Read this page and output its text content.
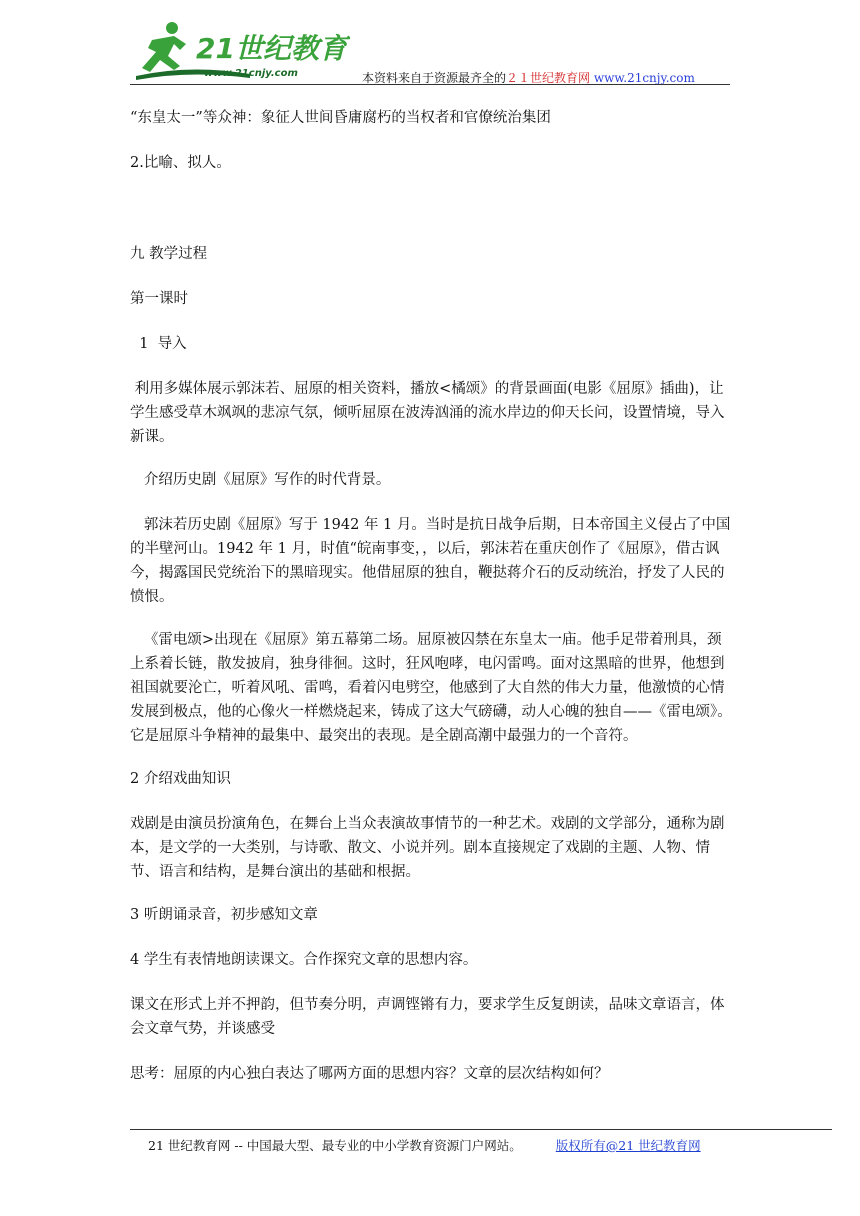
21世纪教育
www.21cnjy.com	本资料来自于资源最齐全的２１世纪教育网 www.21cnjy.com

“东皇太一”等众神：象征人世间昏庸腐朽的当权者和官僚统治集团

2.比喻、拟人。

九 教学过程

第一课时

1  导入

利用多媒体展示郭沫若、屈原的相关资料，播放<橘颂》的背景画面(电影《屈原》插曲)，让学生感受草木飒飒的悲凉气氛，倾听屈原在波涛汹涌的流水岸边的仰天长问，设置情境，导入新课。

介绍历史剧《屈原》写作的时代背景。

郭沫若历史剧《屈原》写于 1942 年 1 月。当时是抗日战争后期，日本帝国主义侵占了中国的半壁河山。1942 年 1 月，时值“皖南事变，，以后，郭沫若在重庆创作了《屈原》，借古讽今，揭露国民党统治下的黑暗现实。他借屈原的独自，鞭挞蒋介石的反动统治，抒发了人民的愤恨。

《雷电颂>出现在《屈原》第五幕第二场。屈原被囚禁在东皇太一庙。他手足带着刑具，颈上系着长链，散发披肩，独身徘徊。这时，狂风咆哮，电闪雷鸣。面对这黑暗的世界，他想到祖国就要沦亡，听着风吼、雷鸣，看着闪电劈空，他感到了大自然的伟大力量，他激愤的心情发展到极点，他的心像火一样燃烧起来，铸成了这大气磅礴，动人心魄的独自——《雷电颂》。它是屈原斗争精神的最集中、最突出的表现。是全剧高潮中最强力的一个音符。

2 介绍戏曲知识

戏剧是由演员扮演角色，在舞台上当众表演故事情节的一种艺术。戏剧的文学部分，通称为剧本，是文学的一大类别，与诗歌、散文、小说并列。剧本直接规定了戏剧的主题、人物、情节、语言和结构，是舞台演出的基础和根据。

3 听朗诵录音，初步感知文章

4 学生有表情地朗读课文。合作探究文章的思想内容。

课文在形式上并不押韵，但节奏分明，声调铿锵有力，要求学生反复朗读，品味文章语言，体会文章气势，并谈感受

思考：屈原的内心独白表达了哪两方面的思想内容？文章的层次结构如何？

21 世纪教育网 -- 中国最大型、最专业的中小学教育资源门户网站。	版权所有@21 世纪教育网
